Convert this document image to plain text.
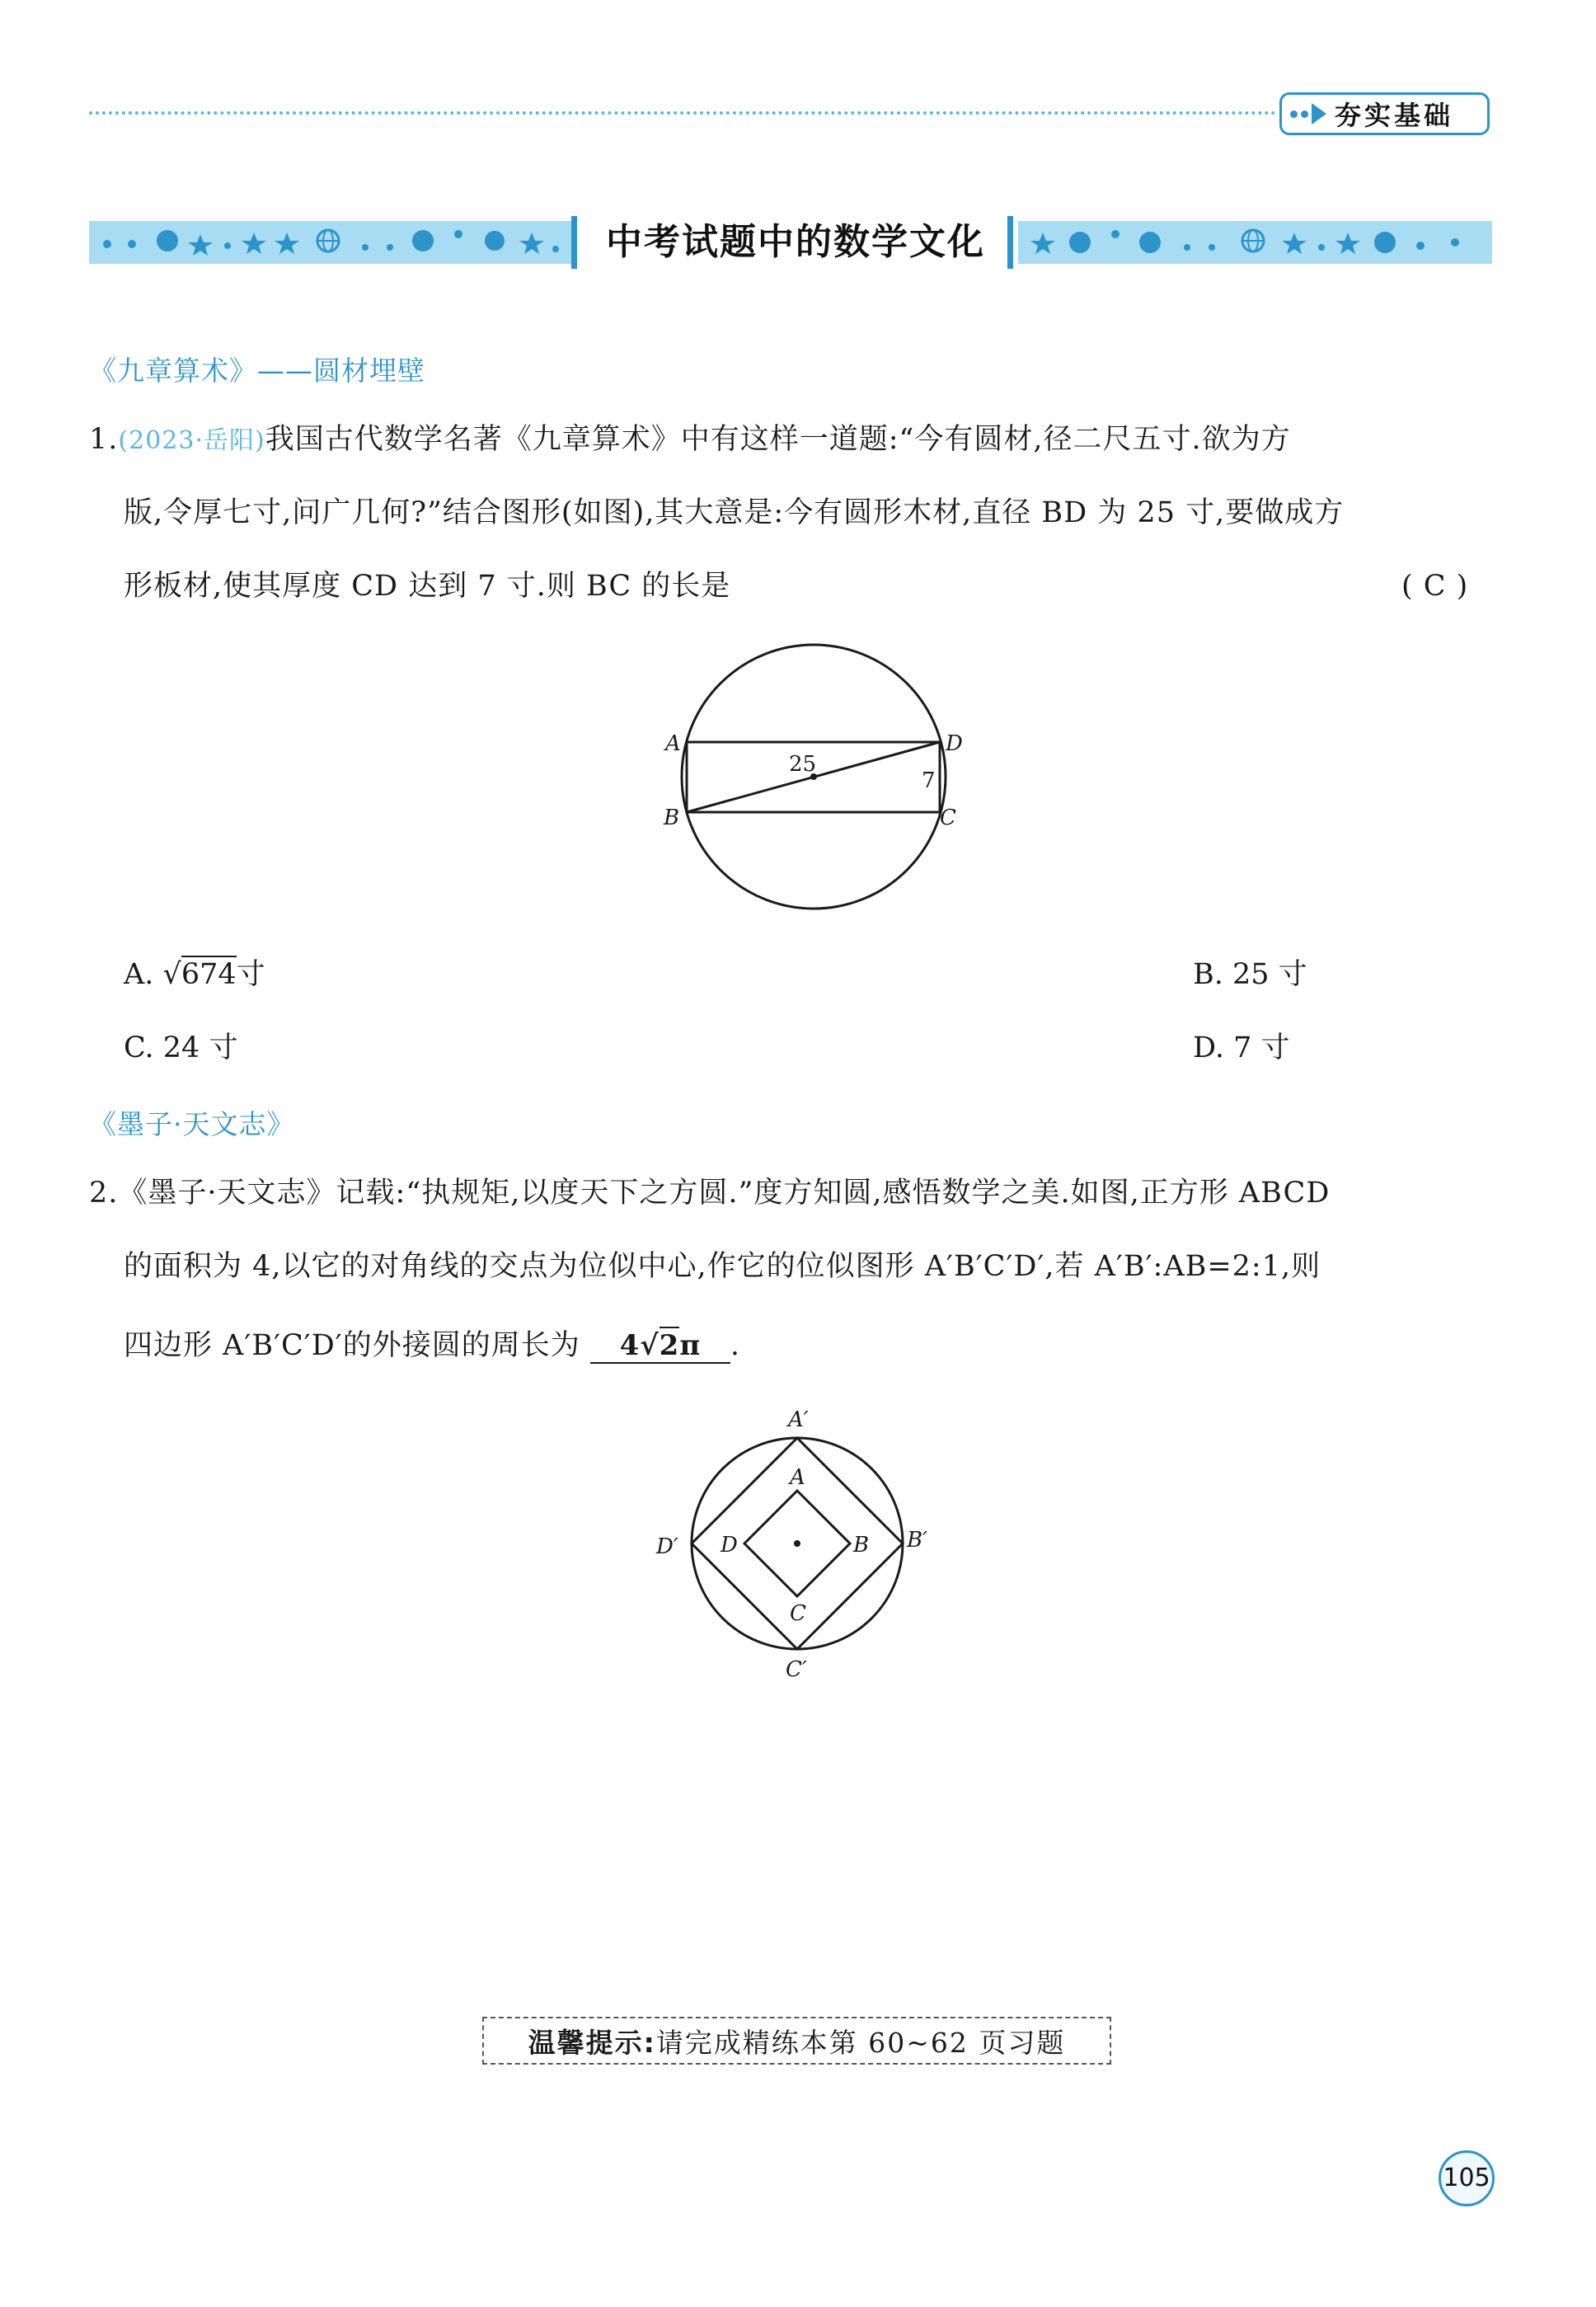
夯实基础
中考试题中的数学文化
《九章算术》——圆材埋壁
1.(2023·岳阳)我国古代数学名著《九章算术》中有这样一道题:“今有圆材,径二尺五寸.欲为方
版,令厚七寸,问广几何?”结合图形(如图),其大意是:今有圆形木材,直径 BD 为 25 寸,要做成方
形板材,使其厚度 CD 达到 7 寸.则 BC 的长是	( C )
A
B	C
D
25
7
A. √674寸	B. 25 寸
C. 24 寸	D. 7 寸
《墨子·天文志》
2.《墨子·天文志》记载:“执规矩,以度天下之方圆.”度方知圆,感悟数学之美.如图,正方形 ABCD
的面积为 4,以它的对角线的交点为位似中心,作它的位似图形 A′B′C′D′,若 A′B′:AB=2:1,则
四边形 A′B′C′D′的外接圆的周长为 4√2π .
A′
A
B B′
C
C′
D
D′
温馨提示: 请完成精练本第 60~62 页习题
105
